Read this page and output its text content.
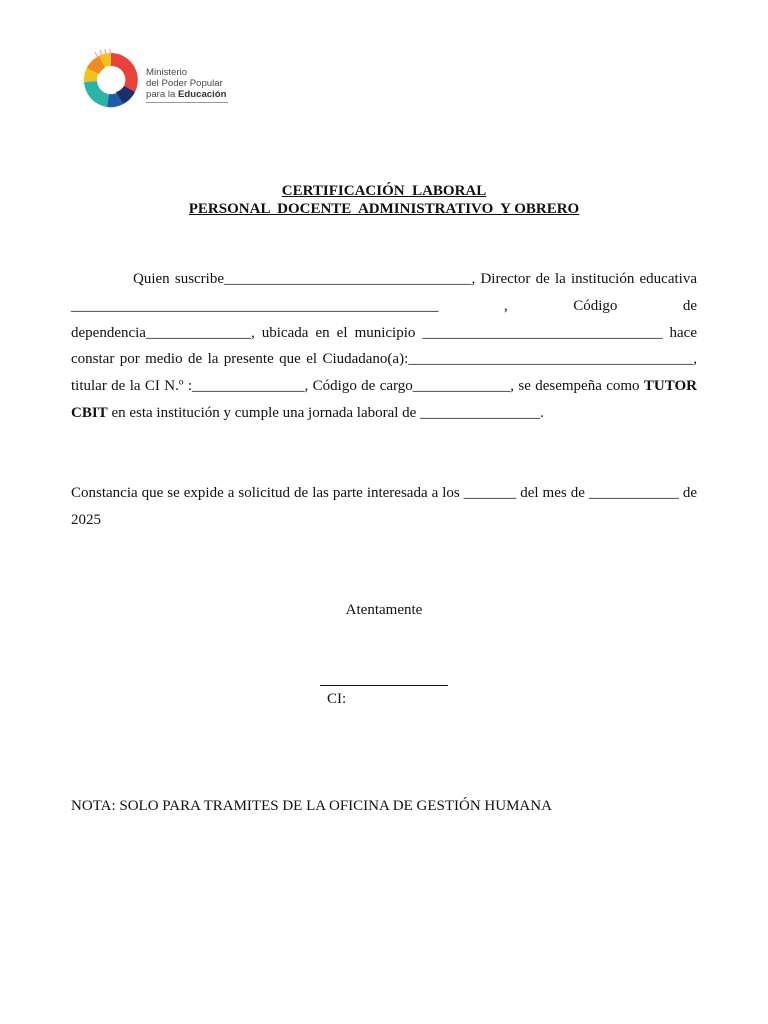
Ministerio
del Poder Popular
para la Educación
CERTIFICACIÓN  LABORAL
PERSONAL  DOCENTE  ADMINISTRATIVO  Y OBRERO

Quien suscribe_________________________________, Director de la institución educativa _________________________________________________ , Código de dependencia______________, ubicada en el municipio ________________________________ hace constar por medio de la presente que el Ciudadano(a):______________________________________, titular de la CI N.º :_______________, Código de cargo_____________, se desempeña como TUTOR CBIT en esta institución y cumple una jornada laboral de ________________.

Constancia que se expide a solicitud de las parte interesada a los _______ del mes de ____________ de 2025

Atentamente
CI:
NOTA: SOLO PARA TRAMITES DE LA OFICINA DE GESTIÓN HUMANA
